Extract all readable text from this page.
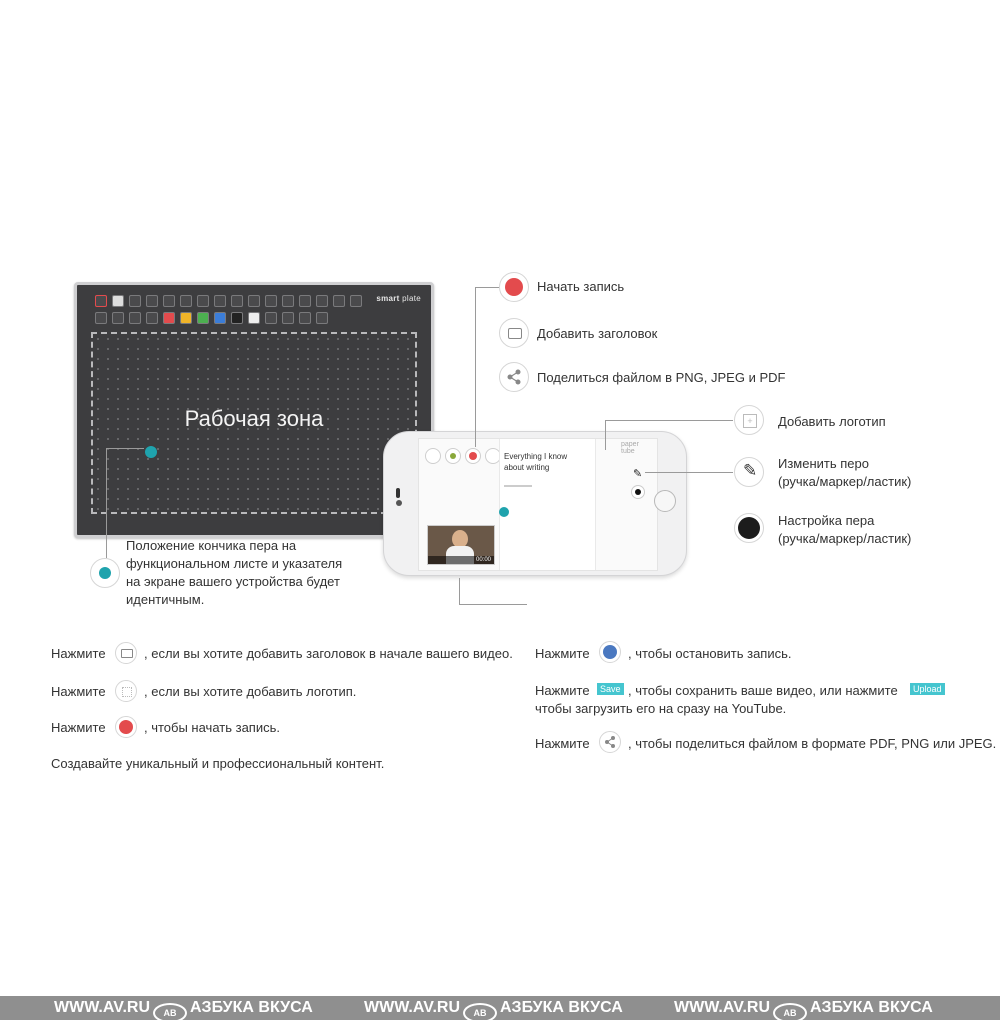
smart plate
Рабочая зона
Everything I know
about writing
paper tube
✎
00:00
Начать запись
Добавить заголовок
Поделиться файлом в PNG, JPEG и PDF
+	Добавить логотип
✎ Изменить перо
(ручка/маркер/ластик)
Настройка пера
(ручка/маркер/ластик)
Положение кончика пера на
функциональном листе и указателя
на экране вашего устройства будет
идентичным.
Нажмите	, если вы хотите добавить заголовок в начале вашего видео.
Нажмите	, если вы хотите добавить логотип.
Нажмите	, чтобы начать запись.
Создавайте уникальный и профессиональный контент.
Нажмите	, чтобы остановить запись.
Нажмите	Save , чтобы сохранить ваше видео, или нажмите	Upload
чтобы загрузить его на сразу на YouTube.
Нажмите	, чтобы поделиться файлом в формате PDF, PNG или JPEG.
WWW.AV.RU АВ АЗБУКА ВКУСА	WWW.AV.RU АВ АЗБУКА ВКУСА	WWW.AV.RU АВ АЗБУКА ВКУСА
